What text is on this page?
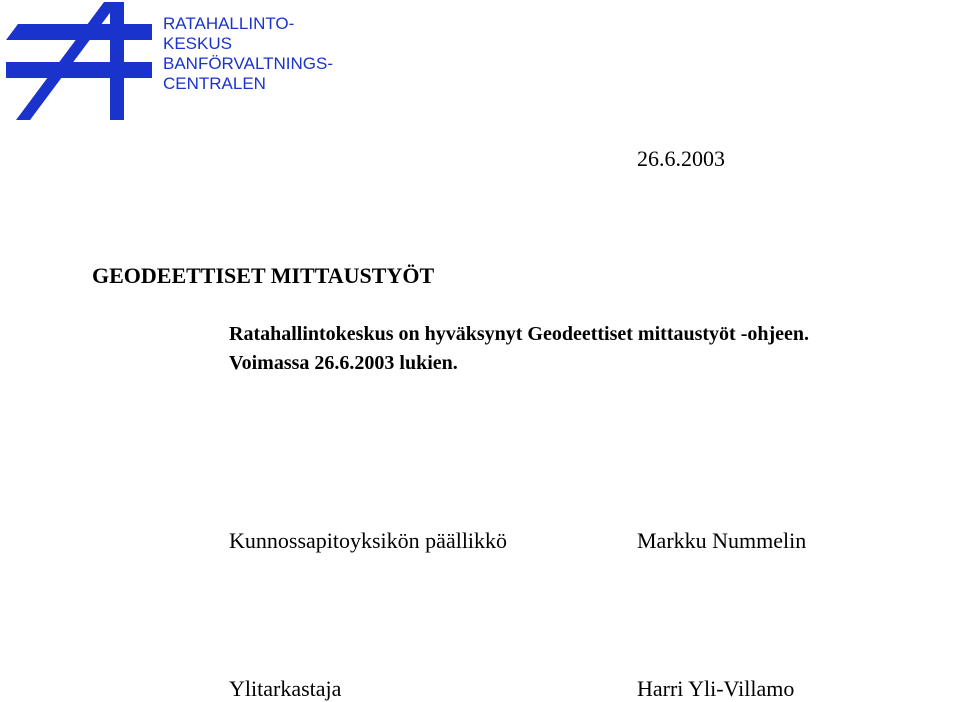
RATAHALLINTO-
KESKUS
BANFÖRVALTNINGS-
CENTRALEN
26.6.2003
GEODEETTISET MITTAUSTYÖT
Ratahallintokeskus on hyväksynyt Geodeettiset mittaustyöt -ohjeen.
Voimassa 26.6.2003 lukien.
Kunnossapitoyksikön päällikkö	Markku Nummelin
Ylitarkastaja	Harri Yli-Villamo
